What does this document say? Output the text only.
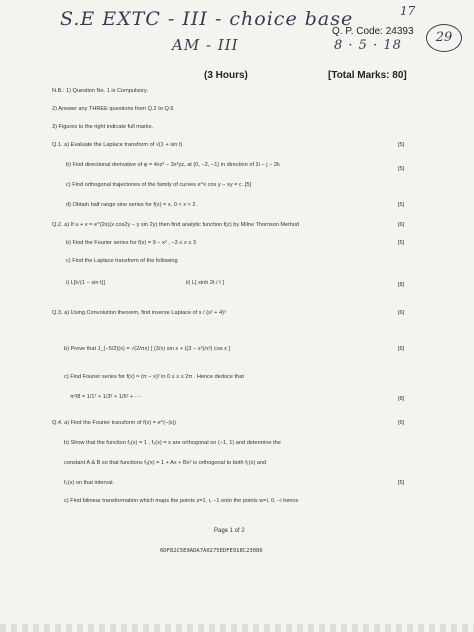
S.E EXTC - III - choice base
AM - III
17
Q. P. Code: 24393
8 · 5 · 18
29
(3 Hours)	[Total Marks: 80]
N.B.: 1) Question No. 1 is Compulsory.
2) Answer any THREE questions from Q.2 to Q.6
3) Figures to the right indicate full marks.
Q.1. a) Evaluate the Laplace transform of √(1 + sin t)	[5]
b) Find directional derivative of φ = 4xz³ − 3x²yz, at (0, −2, −1) in direction of 2i − j − 2k
[5]
c) Find orthogonal trajectories of the family of curves e^x cos y − xy = c .[5]
d) Obtain half range sine series for f(x) = x, 0 < x < 2 .	[5]
Q.2. a) If u + v = e^(2x)(x cos2y − y sin 2y) then find analytic function f(z) by Milne Thomson Method	[6]
b) Find the Fourier series for f(x) = 9 − x² , −3 ≤ x ≤ 3	[6]
c) Find the Laplace transform of the following
i) L[t√(1 − sin t)]	ii) L[ sinh 2t / t ]	[8]
Q.3. a) Using Convolution theorem, find inverse Laplace of s / (s² + 4)²	[6]
b) Prove that J_{−5/2}(x) = √(2/πx) [ (3/x) sin x + ((3 − x²)/x²) cos x ]	[6]
c) Find Fourier series for f(x) = (π − x)² in 0 ≤ x ≤ 2π . Hence deduce that
π²/8 = 1/1² + 1/3² + 1/5² + ···	[8]
Q.4. a) Find the Fourier transform of f(x) = e^(−|x|)	[6]
b) Show that the function f₁(x) = 1 , f₂(x) = x are orthogonal on (−1, 1) and determine the
constant A & B so that functions f₃(x) = 1 + Ax + Bx² is orthogonal to both f₁(x) and
f₂(x) on that interval.	[6]
c) Find bilinear transformation which maps the points z=1, i, −1 onto the points w=i, 0, −i hence
Page 1 of 2
6DF82C5E0ADA7A0275EDFE918C23086
